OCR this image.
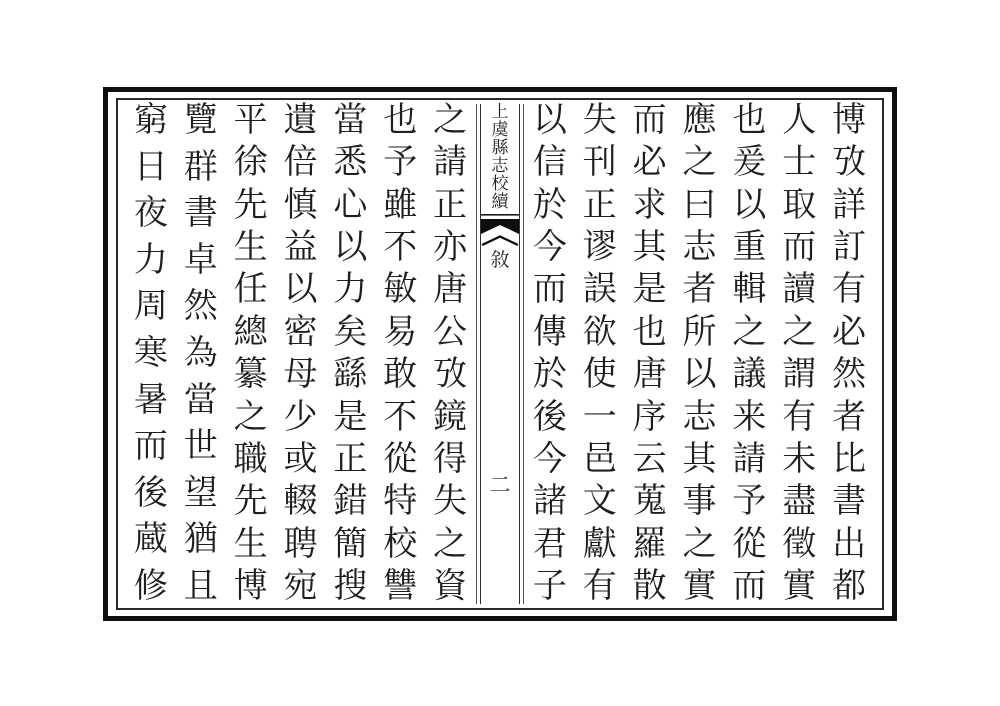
窮
日
夜
力
周
寒
暑
而
後
蔵
修
覽
群
書
卓
然
為
當
世
望
猶
且
平
徐
先
生
任
總
纂
之
職
先
生
博
遺
倍
慎
益
以
密
母
少
或
輟
聘
宛
當
悉
心
以
力
矣
繇
是
正
錯
簡
搜
也
予
雖
不
敏
易
敢
不
從
特
校
讐
之
請
正
亦
唐
公
攷
鏡
得
失
之
資
上
虞
縣
志
校
續
敘
二
以
信
於
今
而
傳
於
後
今
諸
君
子
失
刊
正
谬
誤
欲
使
一
邑
文
獻
有
而
必
求
其
是
也
唐
序
云
蒐
羅
散
應
之
曰
志
者
所
以
志
其
事
之
實
也
爰
以
重
輯
之
議
来
請
予
從
而
人
士
取
而
讀
之
謂
有
未
盡
徵
實
博
攷
詳
訂
有
必
然
者
比
書
出
都
